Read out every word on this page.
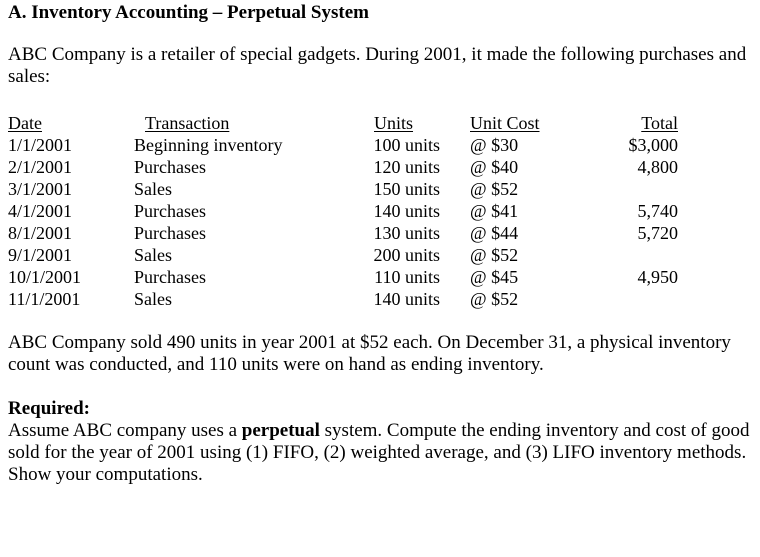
A. Inventory Accounting – Perpetual System
ABC Company is a retailer of special gadgets. During 2001, it made the following purchases and sales:
Date	Transaction	Units	Unit Cost	Total
1/1/2001	Beginning inventory	100 units @ $30	$3,000
2/1/2001	Purchases	120 units @ $40	4,800
3/1/2001	Sales	150 units @ $52
4/1/2001	Purchases	140 units @ $41	5,740
8/1/2001	Purchases	130 units @ $44	5,720
9/1/2001	Sales	200 units @ $52
10/1/2001	Purchases	110 units @ $45	4,950
11/1/2001	Sales	140 units @ $52
ABC Company sold 490 units in year 2001 at $52 each. On December 31, a physical inventory count was conducted, and 110 units were on hand as ending inventory.
Required:
Assume ABC company uses a perpetual system. Compute the ending inventory and cost of good sold for the year of 2001 using (1) FIFO, (2) weighted average, and (3) LIFO inventory methods. Show your computations.
